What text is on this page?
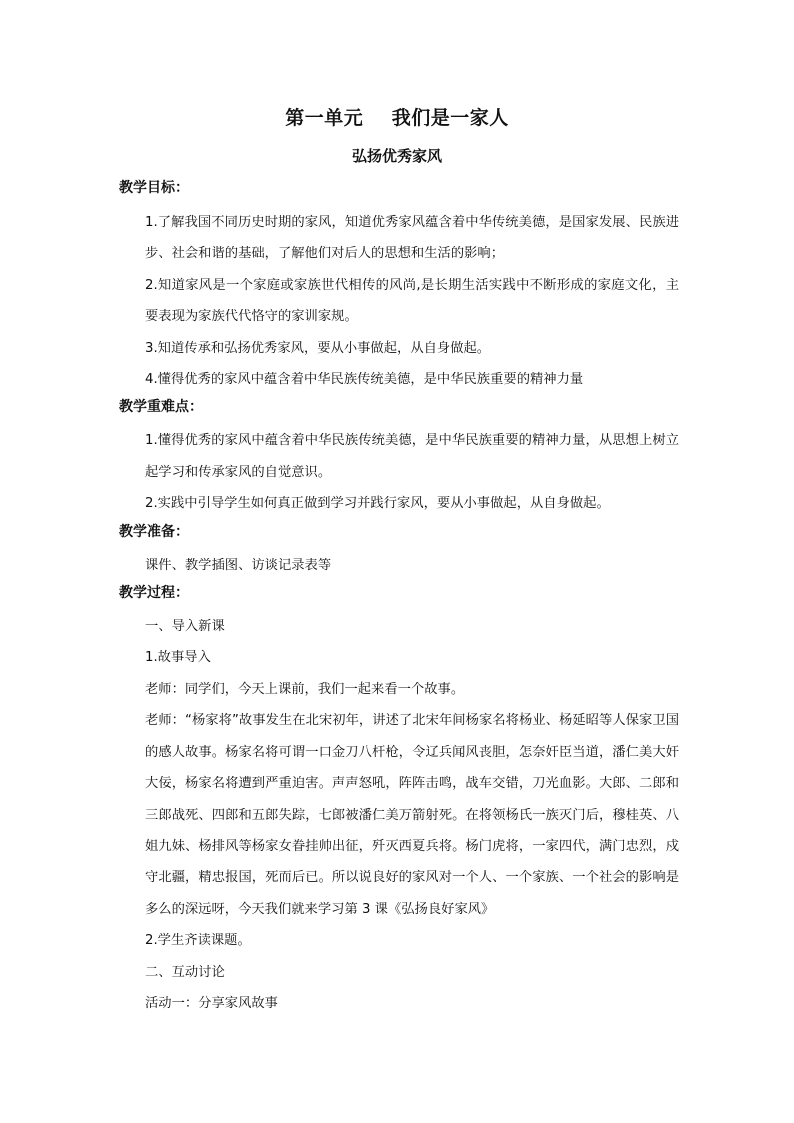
第一单元    我们是一家人
弘扬优秀家风

教学目标：

1.了解我国不同历史时期的家风，知道优秀家风蕴含着中华传统美德，是国家发展、民族进步、社会和谐的基础，了解他们对后人的思想和生活的影响；

2.知道家风是一个家庭或家族世代相传的风尚,是长期生活实践中不断形成的家庭文化，主要表现为家族代代恪守的家训家规。

3.知道传承和弘扬优秀家风，要从小事做起，从自身做起。

4.懂得优秀的家风中蕴含着中华民族传统美德，是中华民族重要的精神力量

教学重难点：

1.懂得优秀的家风中蕴含着中华民族传统美德，是中华民族重要的精神力量，从思想上树立起学习和传承家风的自觉意识。

2.实践中引导学生如何真正做到学习并践行家风，要从小事做起，从自身做起。

教学准备：

课件、教学插图、访谈记录表等

教学过程：

一、导入新课

1.故事导入

老师：同学们，今天上课前，我们一起来看一个故事。

老师：“杨家将”故事发生在北宋初年，讲述了北宋年间杨家名将杨业、杨延昭等人保家卫国的感人故事。杨家名将可谓一口金刀八杆枪，令辽兵闻风丧胆，怎奈奸臣当道，潘仁美大奸大佞，杨家名将遭到严重迫害。声声怒吼，阵阵击鸣，战车交错，刀光血影。大郎、二郎和三郎战死、四郎和五郎失踪，七郎被潘仁美万箭射死。在将领杨氏一族灭门后，穆桂英、八姐九妹、杨排风等杨家女眷挂帅出征，歼灭西夏兵将。杨门虎将，一家四代，满门忠烈，戍守北疆，精忠报国，死而后已。所以说良好的家风对一个人、一个家族、一个社会的影响是多么的深远呀，今天我们就来学习第 3 课《弘扬良好家风》

2.学生齐读课题。

二、互动讨论

活动一：分享家风故事
